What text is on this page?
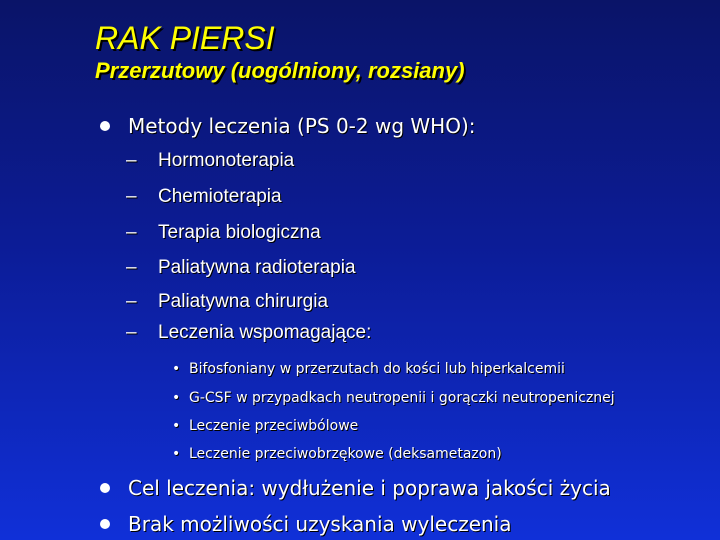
RAK PIERSI
Przerzutowy (uogólniony, rozsiany)
Metody leczenia (PS 0-2 wg WHO):
– Hormonoterapia
– Chemioterapia
– Terapia biologiczna
– Paliatywna radioterapia
– Paliatywna chirurgia
– Leczenia wspomagające:
• Bifosfoniany w przerzutach do kości lub hiperkalcemii
• G-CSF w przypadkach neutropenii i gorączki neutropenicznej
• Leczenie przeciwbólowe
• Leczenie przeciwobrzękowe (deksametazon)
Cel leczenia: wydłużenie i poprawa jakości życia
Brak możliwości uzyskania wyleczenia
